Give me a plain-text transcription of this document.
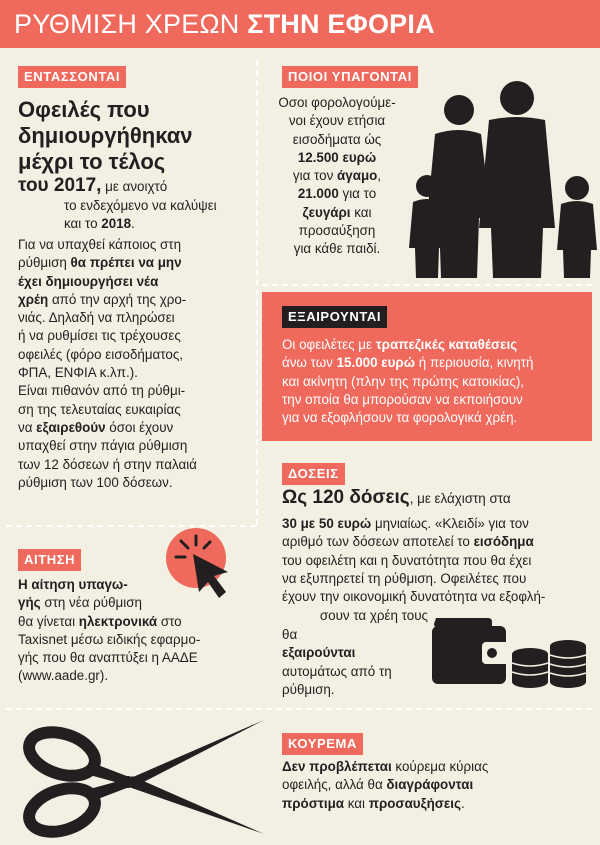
ΡΥΘΜΙΣΗ ΧΡΕΩΝ ΣΤΗΝ ΕΦΟΡΙΑ
ΕΝΤΑΣΣΟΝΤΑΙ
Οφειλές που
δημιουργήθηκαν
μέχρι το τέλος
του 2017, με ανοιχτό
το ενδεχόμενο να καλύψει
και το 2018.
Για να υπαχθεί κάποιος στη
ρύθμιση θα πρέπει να μην
έχει δημιουργήσει νέα
χρέη από την αρχή της χρο-
νιάς. Δηλαδή να πληρώσει
ή να ρυθμίσει τις τρέχουσες
οφειλές (φόρο εισοδήματος,
ΦΠΑ, ΕΝΦΙΑ κ.λπ.).
Είναι πιθανόν από τη ρύθμι-
ση της τελευταίας ευκαιρίας
να εξαιρεθούν όσοι έχουν
υπαχθεί στην πάγια ρύθμιση
των 12 δόσεων ή στην παλαιά
ρύθμιση των 100 δόσεων.
ΠΟΙΟΙ ΥΠΑΓΟΝΤΑΙ
Οσοι φορολογούμε-
νοι έχουν ετήσια
εισοδήματα ώς
12.500 ευρώ
για τον άγαμο,
21.000 για το
ζευγάρι και
προσαύξηση
για κάθε παιδί.
ΕΞΑΙΡΟΥΝΤΑΙ
Οι οφειλέτες με τραπεζικές καταθέσεις
άνω των 15.000 ευρώ ή περιουσία, κινητή
και ακίνητη (πλην της πρώτης κατοικίας),
την οποία θα μπορούσαν να εκποιήσουν
για να εξοφλήσουν τα φορολογικά χρέη.
ΔΟΣΕΙΣ
Ως 120 δόσεις, με ελάχιστη στα
30 με 50 ευρώ μηνιαίως. «Κλειδί» για τον
αριθμό των δόσεων αποτελεί το εισόδημα
του οφειλέτη και η δυνατότητα που θα έχει
να εξυπηρετεί τη ρύθμιση. Οφειλέτες που
έχουν την οικονομική δυνατότητα να εξοφλή-
σουν τα χρέη τους
θα
εξαιρούνται
αυτομάτως από τη
ρύθμιση.
ΑΙΤΗΣΗ
Η αίτηση υπαγω-
γής στη νέα ρύθμιση
θα γίνεται ηλεκτρονικά στο
Taxisnet μέσω ειδικής εφαρμο-
γής που θα αναπτύξει η ΑΑΔΕ
(www.aade.gr).
ΚΟΥΡΕΜΑ
Δεν προβλέπεται κούρεμα κύριας
οφειλής, αλλά θα διαγράφονται
πρόστιμα και προσαυξήσεις.
